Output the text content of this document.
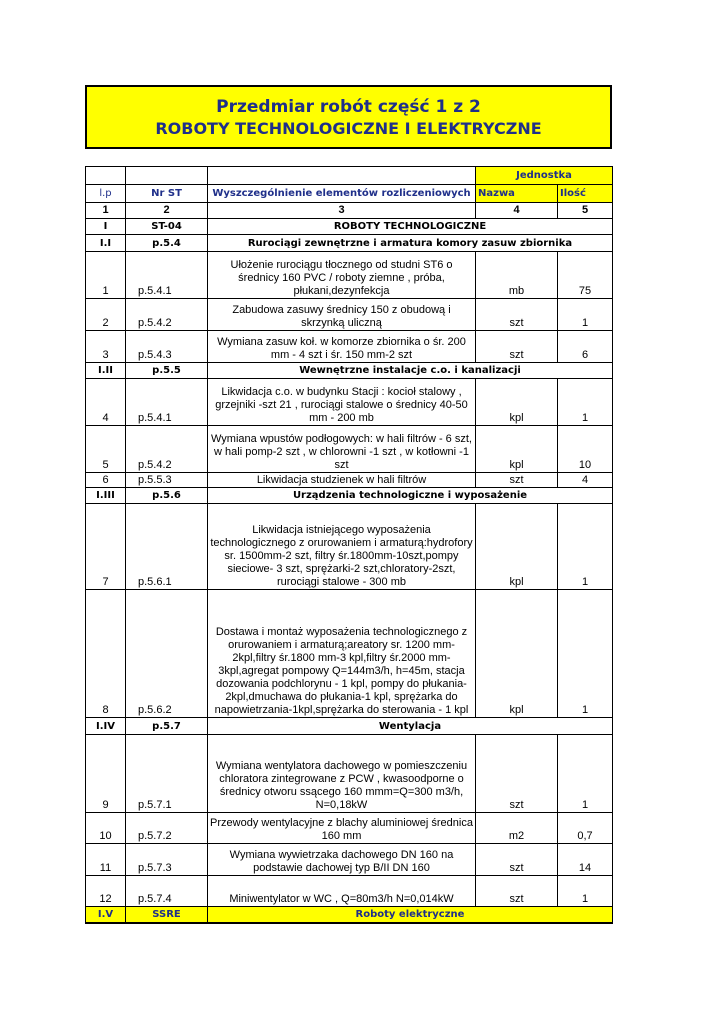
Przedmiar robót część 1 z 2
ROBOTY TECHNOLOGICZNE I ELEKTRYCZNE
			Jednostka	
l.p	Nr ST	Wyszczególnienie elementów rozliczeniowych	Nazwa	Ilość
1	2	3	4	5
I	ST-04	ROBOTY TECHNOLOGICZNE		
I.I	p.5.4	Rurociągi zewnętrzne i armatura komory zasuw zbiornika		
1	p.5.4.1	Ułożenie rurociągu tłocznego od studni ST6 o średnicy 160 PVC / roboty ziemne , próba, płukani,dezynfekcja	mb	75
2	p.5.4.2	Zabudowa zasuwy średnicy 150 z obudową i skrzynką uliczną	szt	1
3	p.5.4.3	Wymiana zasuw koł. w komorze zbiornika o śr. 200 mm - 4 szt i śr. 150 mm-2 szt	szt	6
I.II	p.5.5	Wewnętrzne instalacje c.o. i kanalizacji		
4	p.5.4.1	Likwidacja c.o. w budynku Stacji : kocioł stalowy , grzejniki -szt 21 , rurociągi stalowe o średnicy 40-50 mm - 200 mb	kpl	1
5	p.5.4.2	Wymiana wpustów podłogowych: w hali filtrów - 6 szt, w hali pomp-2 szt , w chlorowni -1 szt , w kotłowni -1 szt	kpl	10
6	p.5.5.3	Likwidacja studzienek w hali filtrów	szt	4
I.III	p.5.6	Urządzenia technologiczne i wyposażenie		
7	p.5.6.1	Likwidacja istniejącego wyposażenia technologicznego z orurowaniem i armaturą:hydrofory sr. 1500mm-2 szt, filtry śr.1800mm-10szt,pompy sieciowe- 3 szt, sprężarki-2 szt,chloratory-2szt, rurociągi stalowe - 300 mb	kpl	1
8	p.5.6.2	Dostawa i montaż wyposażenia technologicznego z orurowaniem i armaturą;areatory sr. 1200 mm-2kpl,filtry śr.1800 mm-3 kpl,filtry śr.2000 mm-3kpl,agregat pompowy Q=144m3/h, h=45m, stacja dozowania podchlorynu - 1 kpl, pompy do płukania-2kpl,dmuchawa do płukania-1 kpl, sprężarka do napowietrzania-1kpl,sprężarka do sterowania - 1 kpl	kpl	1
I.IV	p.5.7	Wentylacja		
9	p.5.7.1	Wymiana wentylatora dachowego w pomieszczeniu chloratora zintegrowane z PCW , kwasoodporne o średnicy otworu ssącego 160 mmm=Q=300 m3/h, N=0,18kW	szt	1
10	p.5.7.2	Przewody wentylacyjne z blachy aluminiowej średnica 160 mm	m2	0,7
11	p.5.7.3	Wymiana wywietrzaka dachowego DN 160 na podstawie dachowej typ B/II DN 160	szt	14
12	p.5.7.4	Miniwentylator w WC , Q=80m3/h N=0,014kW	szt	1
I.V	SSRE	Roboty elektryczne		
